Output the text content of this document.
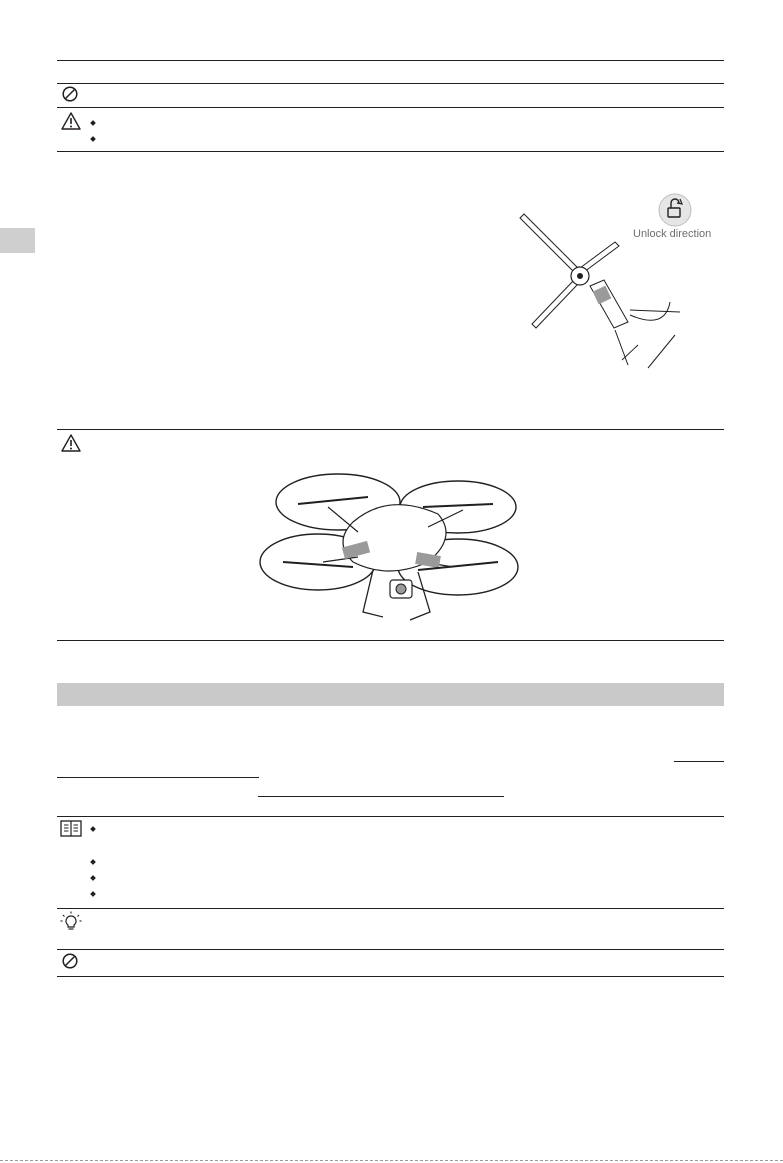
Unlock direction
